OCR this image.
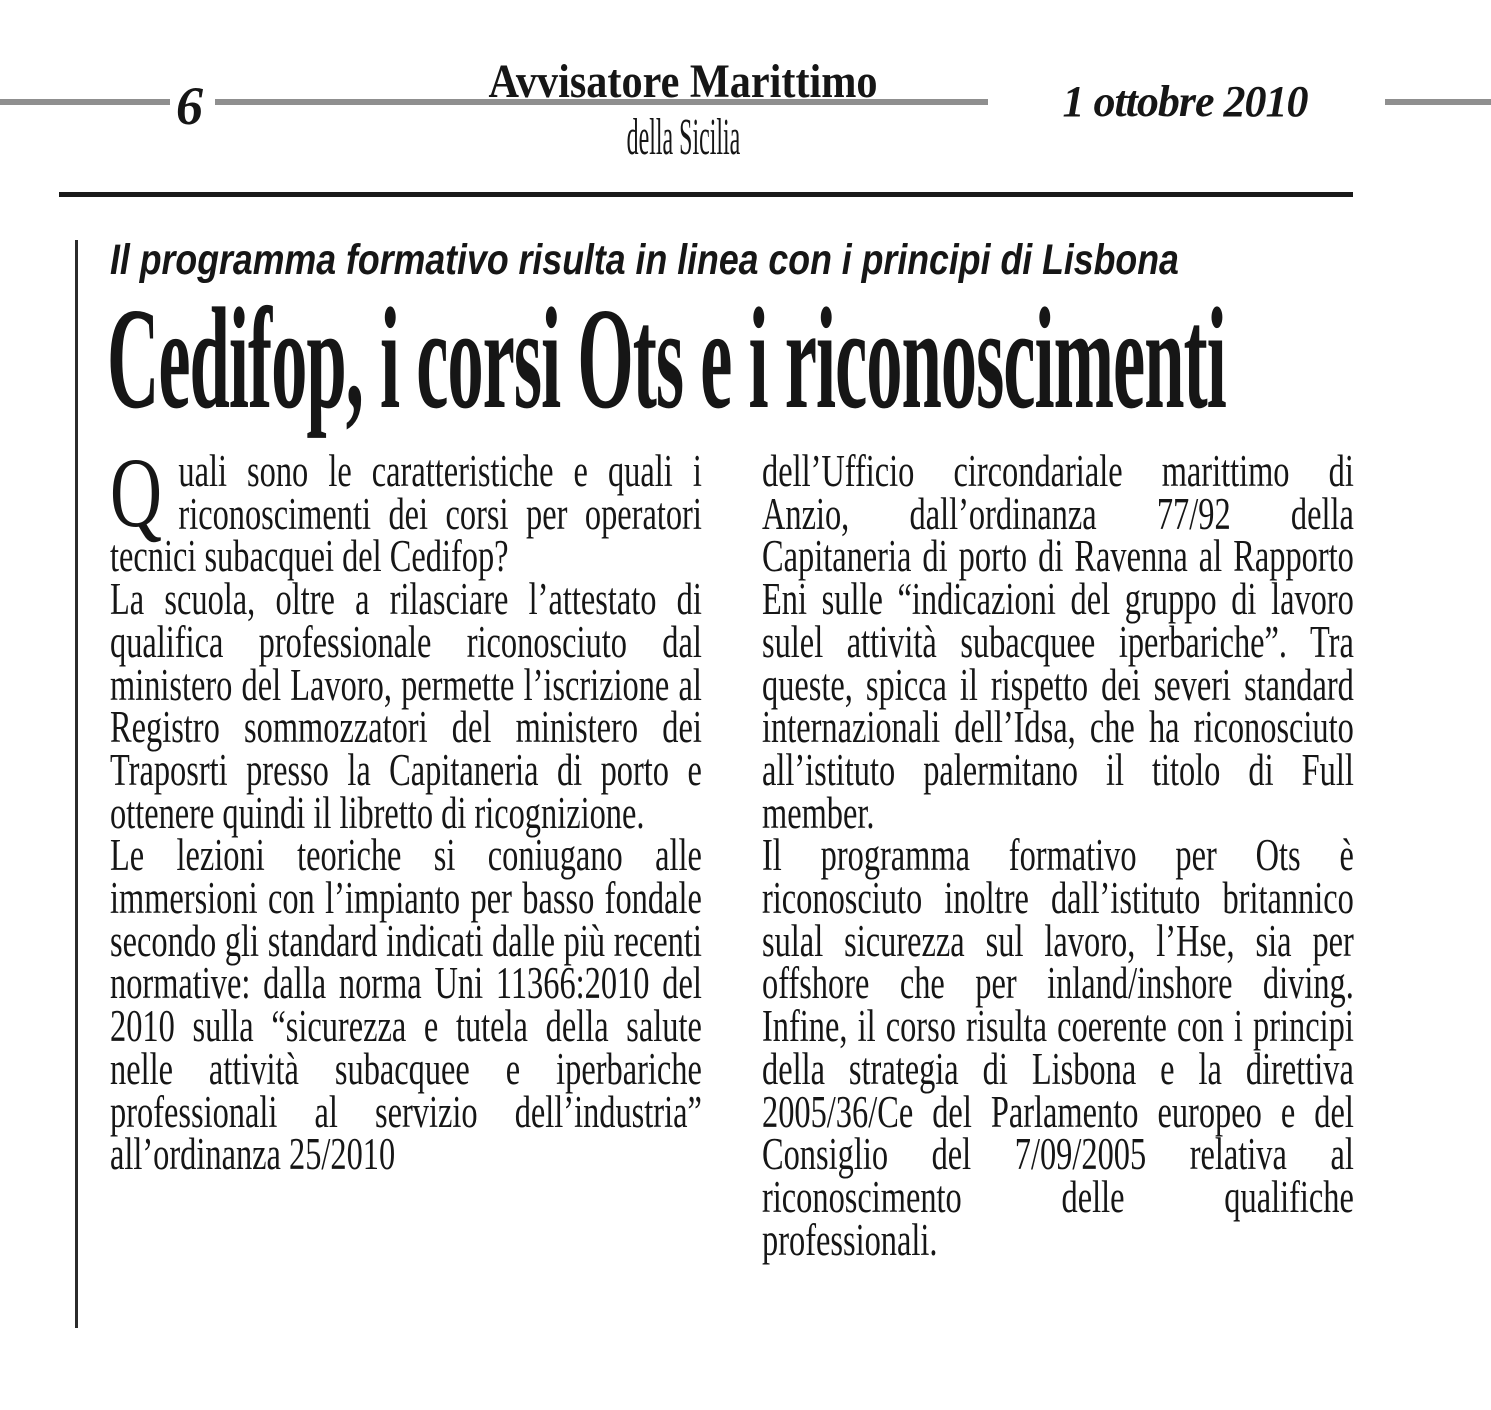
6	Avvisatore Marittimo
della Sicilia
1 ottobre 2010
Il programma formativo risulta in linea con i principi di Lisbona
Cedifop, i corsi Ots e i riconoscimenti

Quali sono le caratteristiche e quali i riconoscimenti dei corsi per operatori tecnici subacquei del Cedifop?

La scuola, oltre a rilasciare l’attestato di qualifica professionale riconosciuto dal ministero del Lavoro, permette l’iscrizione al Registro sommozzatori del ministero dei Traposrti presso la Capitaneria di porto e ottenere quindi il libretto di ricognizione.

Le lezioni teoriche si coniugano alle immersioni con l’impianto per basso fondale secondo gli standard indicati dalle più recenti normative: dalla norma Uni 11366:2010 del 2010 sulla “sicurezza e tutela della salute nelle attività subacquee e iperbariche professionali al servizio dell’industria” all’ordinanza 25/2010

dell’Ufficio circondariale marittimo di Anzio, dall’ordinanza 77/92 della Capitaneria di porto di Ravenna al Rapporto Eni sulle “indicazioni del gruppo di lavoro sulel attività subacquee iperbariche”. Tra queste, spicca il rispetto dei severi standard internazionali dell’Idsa, che ha riconosciuto all’istituto palermitano il titolo di Full member.

Il programma formativo per Ots è riconosciuto inoltre dall’istituto britannico sulal sicurezza sul lavoro, l’Hse, sia per offshore che per inland/inshore diving. Infine, il corso risulta coerente con i principi della strategia di Lisbona e la direttiva 2005/36/Ce del Parlamento europeo e del Consiglio del 7/09/2005 relativa al riconoscimento delle qualifiche professionali.
